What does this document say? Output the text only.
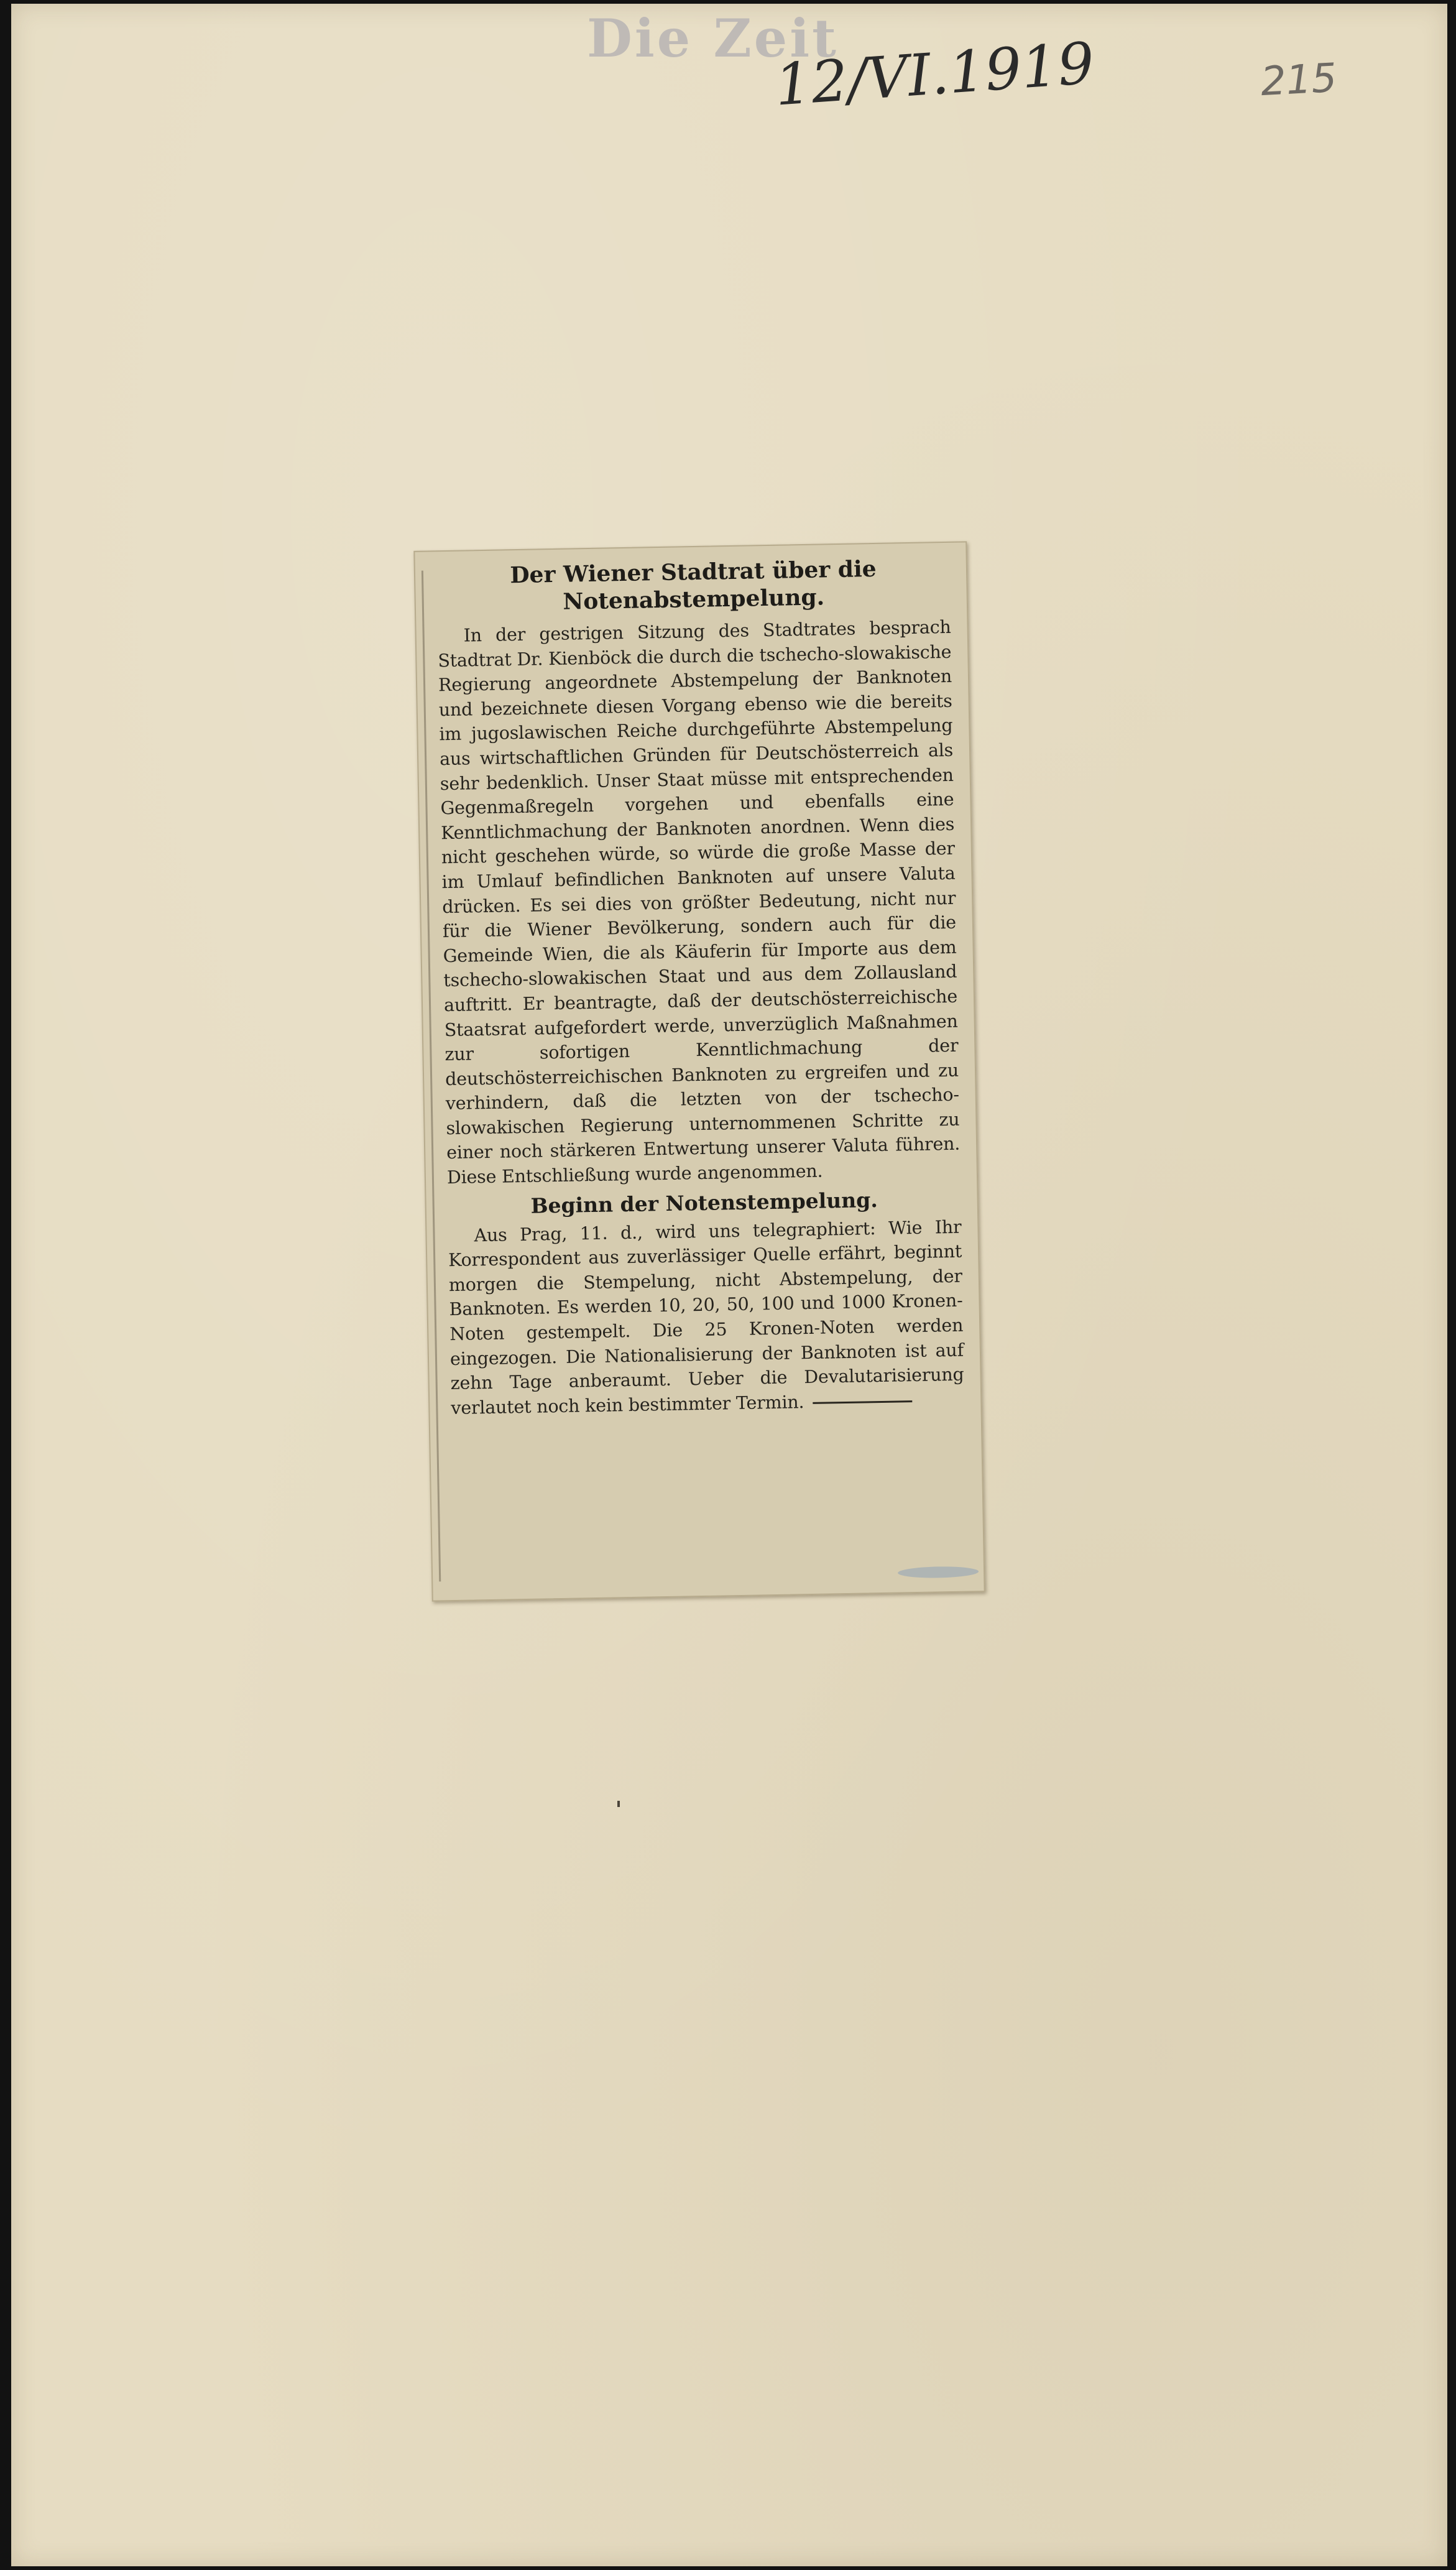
Die Zeit
12/VI.1919	215
Der Wiener Stadtrat über die Notenabstempelung.

In der gestrigen Sitzung des Stadtrates besprach Stadtrat Dr. Kienböck die durch die tschecho-slowakische Regierung angeordnete Abstempelung der Banknoten und bezeichnete diesen Vorgang ebenso wie die bereits im jugoslawischen Reiche durchgeführte Abstempelung aus wirtschaftlichen Gründen für Deutschösterreich als sehr bedenklich. Unser Staat müsse mit entsprechenden Gegenmaßregeln vorgehen und ebenfalls eine Kenntlichmachung der Banknoten anordnen. Wenn dies nicht geschehen würde, so würde die große Masse der im Umlauf befindlichen Banknoten auf unsere Valuta drücken. Es sei dies von größter Bedeutung, nicht nur für die Wiener Bevölkerung, sondern auch für die Gemeinde Wien, die als Käuferin für Importe aus dem tschecho-slowakischen Staat und aus dem Zollausland auftritt. Er beantragte, daß der deutschösterreichische Staatsrat aufgefordert werde, unverzüglich Maßnahmen zur sofortigen Kenntlichmachung der deutschösterreichischen Banknoten zu ergreifen und zu verhindern, daß die letzten von der tschecho-slowakischen Regierung unternommenen Schritte zu einer noch stärkeren Entwertung unserer Valuta führen. Diese Entschließung wurde angenommen.

Beginn der Notenstempelung.

Aus Prag, 11. d., wird uns telegraphiert: Wie Ihr Korrespondent aus zuverlässiger Quelle erfährt, beginnt morgen die Stempelung, nicht Abstempelung, der Banknoten. Es werden 10, 20, 50, 100 und 1000 Kronen-Noten gestempelt. Die 25 Kronen-Noten werden eingezogen. Die Nationalisierung der Banknoten ist auf zehn Tage anberaumt. Ueber die Devalutarisierung verlautet noch kein bestimmter Termin.
